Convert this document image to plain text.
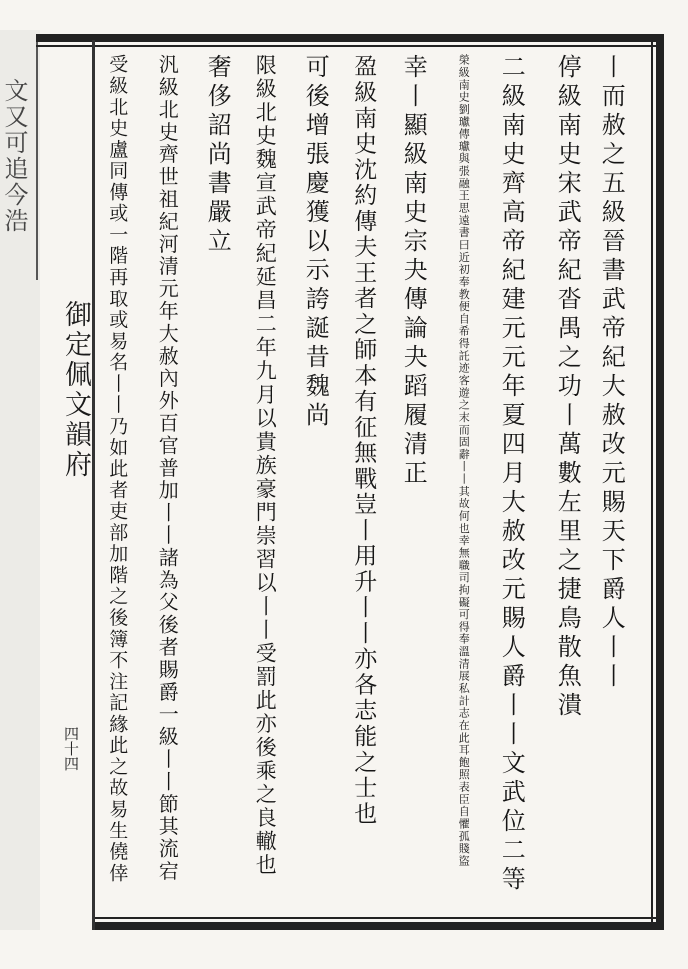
文又可追今浩
御定佩文韻府
四十四
丨而赦之五級晉書武帝紀大赦改元賜天下爵人丨丨
停級南史宋武帝紀沓禺之功丨萬數左里之捷鳥散魚潰
二級南史齊高帝紀建元元年夏四月大赦改元賜人爵丨丨文武位二等
榮級南史劉瓛傳瓛與張融王思遠書曰近初奉教便自希得託迹客遊之末而固辭丨丨其故何也幸無職司拘礙可得奉溫清展私計志在此耳飽照表臣自懼孤賤盜
幸丨顯級南史宗夬傳論夬蹈履清正
盈級南史沈約傳夫王者之師本有征無戰豈丨用升丨丨亦各志能之士也
可後增張慶獲以示誇誕昔魏尚
限級北史魏宣武帝紀延昌二年九月以貴族豪門崇習以丨丨受罰此亦後乘之良轍也
奢侈詔尚書嚴立
汎級北史齊世祖紀河清元年大赦內外百官普加丨丨諸為父後者賜爵一級丨丨節其流宕
受級北史盧同傳或一階再取或易名丨丨乃如此者吏部加階之後簿不注記緣此之故易生僥倖
